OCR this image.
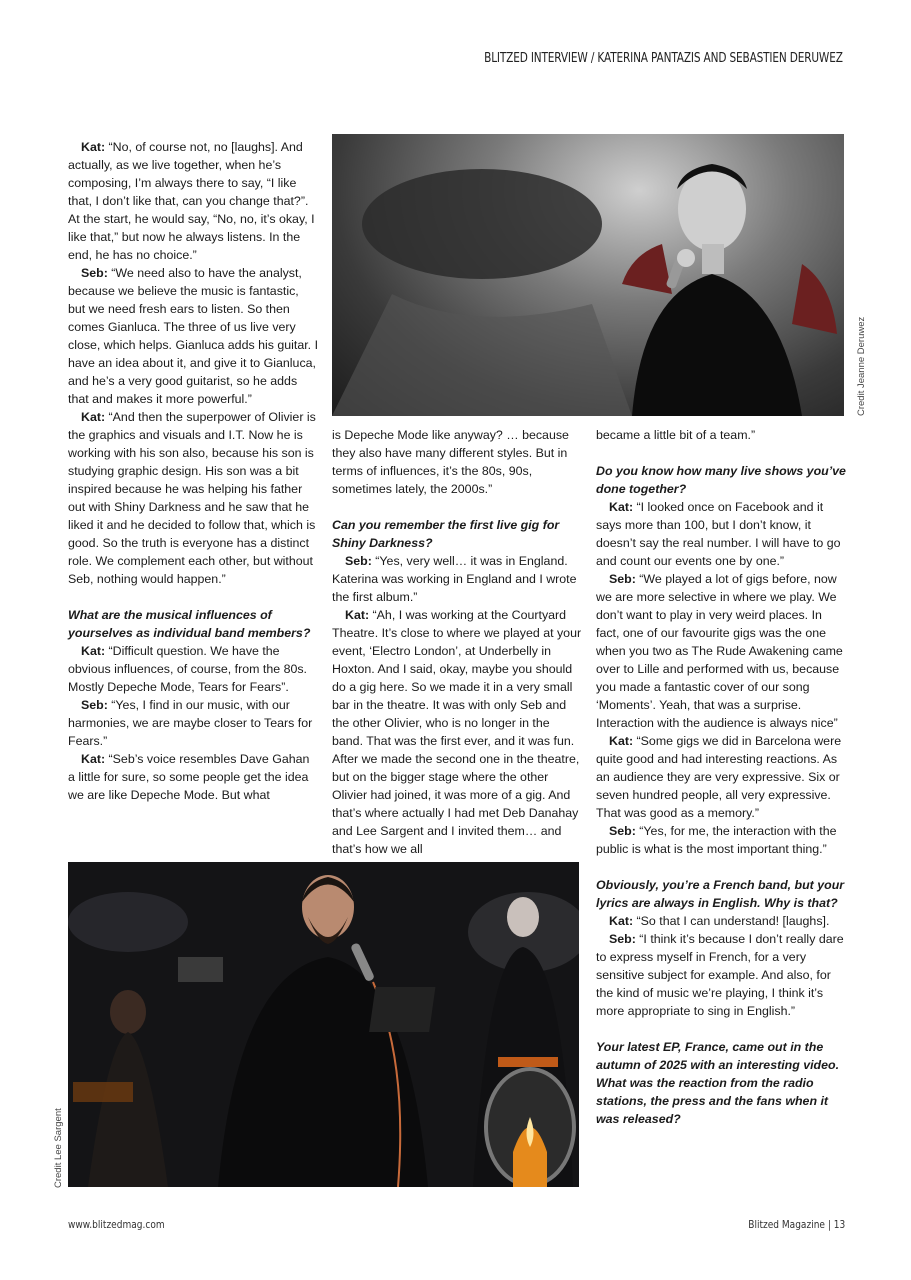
BLITZED INTERVIEW / KATERINA PANTAZIS AND SEBASTIEN DERUWEZ
Credit Jeanne Deruwez

Kat: “No, of course not, no [laughs]. And actually, as we live together, when he’s composing, I’m always there to say, “I like that, I don’t like that, can you change that?”. At the start, he would say, “No, no, it’s okay, I like that,” but now he always listens. In the end, he has no choice.”

Seb: “We need also to have the analyst, because we believe the music is fantastic, but we need fresh ears to listen. So then comes Gianluca. The three of us live very close, which helps. Gianluca adds his guitar. I have an idea about it, and give it to Gianluca, and he’s a very good guitarist, so he adds that and makes it more powerful.”

Kat: “And then the superpower of Olivier is the graphics and visuals and I.T. Now he is working with his son also, because his son is studying graphic design. His son was a bit inspired because he was helping his father out with Shiny Darkness and he saw that he liked it and he decided to follow that, which is good. So the truth is everyone has a distinct role. We complement each other, but without Seb, nothing would happen.”

What are the musical influences of yourselves as individual band members?

Kat: “Difficult question. We have the obvious influences, of course, from the 80s. Mostly Depeche Mode, Tears for Fears”.

Seb: “Yes, I find in our music, with our harmonies, we are maybe closer to Tears for Fears.”

Kat: “Seb’s voice resembles Dave Gahan a little for sure, so some people get the idea we are like Depeche Mode. But what

is Depeche Mode like anyway? … because they also have many different styles. But in terms of influences, it’s the 80s, 90s, sometimes lately, the 2000s.”

Can you remember the first live gig for Shiny Darkness?

Seb: “Yes, very well… it was in England. Katerina was working in England and I wrote the first album.”

Kat: “Ah, I was working at the Courtyard Theatre. It’s close to where we played at your event, ‘Electro London’, at Underbelly in Hoxton. And I said, okay, maybe you should do a gig here. So we made it in a very small bar in the theatre. It was with only Seb and the other Olivier, who is no longer in the band. That was the first ever, and it was fun. After we made the second one in the theatre, but on the bigger stage where the other Olivier had joined, it was more of a gig. And that’s where actually I had met Deb Danahay and Lee Sargent and I invited them… and that’s how we all

became a little bit of a team.”

Do you know how many live shows you’ve done together?

Kat: “I looked once on Facebook and it says more than 100, but I don’t know, it doesn’t say the real number. I will have to go and count our events one by one.”

Seb: “We played a lot of gigs before, now we are more selective in where we play. We don’t want to play in very weird places. In fact, one of our favourite gigs was the one when you two as The Rude Awakening came over to Lille and performed with us, because you made a fantastic cover of our song ‘Moments’. Yeah, that was a surprise. Interaction with the audience is always nice”

Kat: “Some gigs we did in Barcelona were quite good and had interesting reactions. As an audience they are very expressive. Six or seven hundred people, all very expressive. That was good as a memory.”

Seb: “Yes, for me, the interaction with the public is what is the most important thing.”

Obviously, you’re a French band, but your lyrics are always in English. Why is that?

Kat: “So that I can understand! [laughs].

Seb: “I think it’s because I don’t really dare to express myself in French, for a very sensitive subject for example. And also, for the kind of music we’re playing, I think it’s more appropriate to sing in English.”

Your latest EP, France, came out in the autumn of 2025 with an interesting video. What was the reaction from the radio stations, the press and the fans when it was released?

Credit Lee Sargent
www.blitzedmag.com	Blitzed Magazine | 13
